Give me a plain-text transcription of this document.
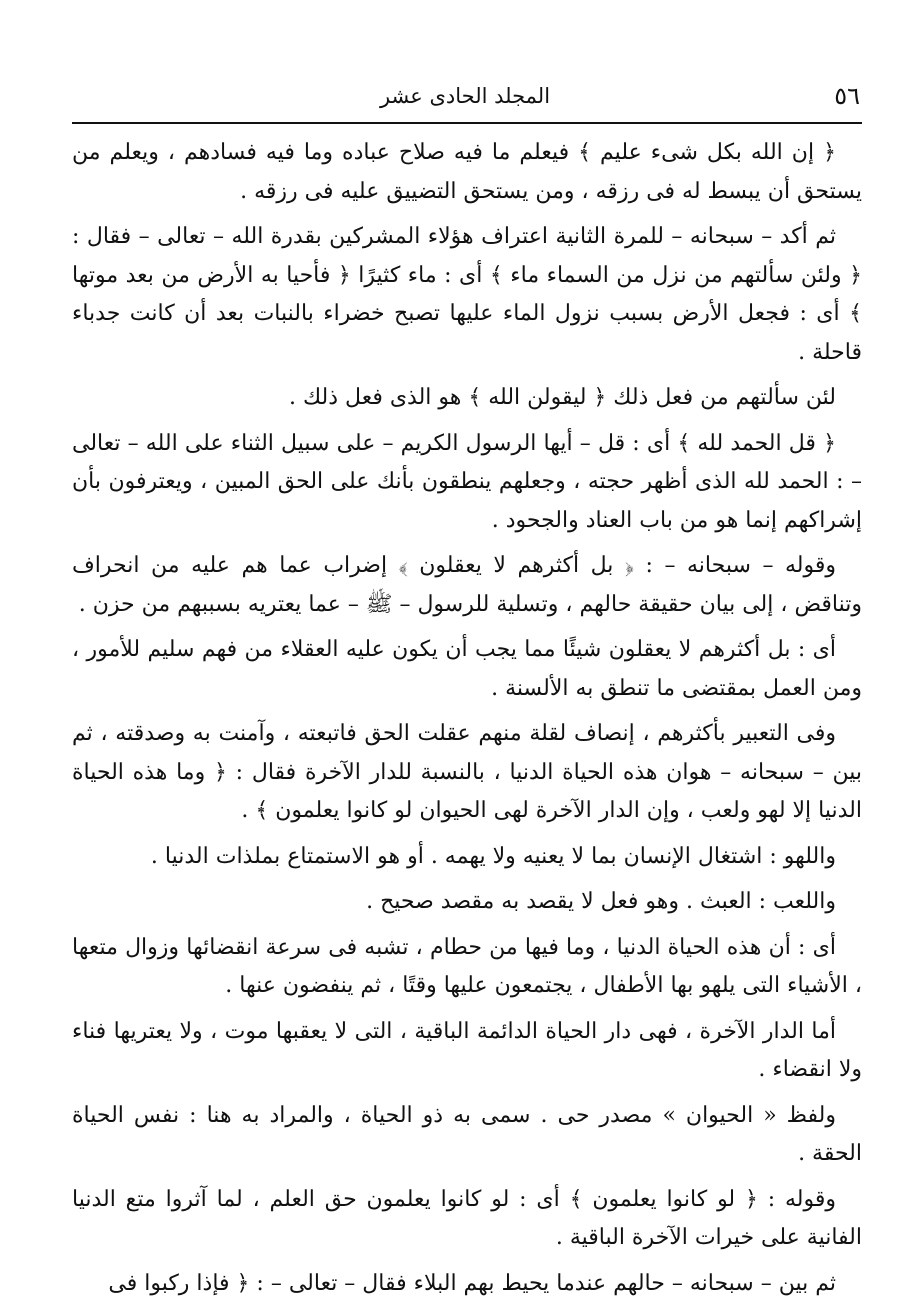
٥٦
المجلد الحادى عشر

﴿ إن الله بكل شىء عليم ﴾ فيعلم ما فيه صلاح عباده وما فيه فسادهم ، ويعلم من يستحق أن يبسط له فى رزقه ، ومن يستحق التضييق عليه فى رزقه .

ثم أكد – سبحانه – للمرة الثانية اعتراف هؤلاء المشركين بقدرة الله – تعالى – فقال : ﴿ ولئن سألتهم من نزل من السماء ماء ﴾ أى : ماء كثيرًا ﴿ فأحيا به الأرض من بعد موتها ﴾ أى : فجعل الأرض بسبب نزول الماء عليها تصبح خضراء بالنبات بعد أن كانت جدباء قاحلة .

لئن سألتهم من فعل ذلك ﴿ ليقولن الله ﴾ هو الذى فعل ذلك .

﴿ قل الحمد لله ﴾ أى : قل – أيها الرسول الكريم – على سبيل الثناء على الله – تعالى – : الحمد لله الذى أظهر حجته ، وجعلهم ينطقون بأنك على الحق المبين ، ويعترفون بأن إشراكهم إنما هو من باب العناد والجحود .

وقوله – سبحانه – : ﴿ بل أكثرهم لا يعقلون ﴾ إضراب عما هم عليه من انحراف وتناقض ، إلى بيان حقيقة حالهم ، وتسلية للرسول – ﷺ – عما يعتريه بسببهم من حزن .

أى : بل أكثرهم لا يعقلون شيئًا مما يجب أن يكون عليه العقلاء من فهم سليم للأمور ، ومن العمل بمقتضى ما تنطق به الألسنة .

وفى التعبير بأكثرهم ، إنصاف لقلة منهم عقلت الحق فاتبعته ، وآمنت به وصدقته ، ثم بين – سبحانه – هوان هذه الحياة الدنيا ، بالنسبة للدار الآخرة فقال : ﴿ وما هذه الحياة الدنيا إلا لهو ولعب ، وإن الدار الآخرة لهى الحيوان لو كانوا يعلمون ﴾ .

واللهو : اشتغال الإنسان بما لا يعنيه ولا يهمه . أو هو الاستمتاع بملذات الدنيا .

واللعب : العبث . وهو فعل لا يقصد به مقصد صحيح .

أى : أن هذه الحياة الدنيا ، وما فيها من حطام ، تشبه فى سرعة انقضائها وزوال متعها ، الأشياء التى يلهو بها الأطفال ، يجتمعون عليها وقتًا ، ثم ينفضون عنها .

أما الدار الآخرة ، فهى دار الحياة الدائمة الباقية ، التى لا يعقبها موت ، ولا يعتريها فناء ولا انقضاء .

ولفظ « الحيوان » مصدر حى . سمى به ذو الحياة ، والمراد به هنا : نفس الحياة الحقة .

وقوله : ﴿ لو كانوا يعلمون ﴾ أى : لو كانوا يعلمون حق العلم ، لما آثروا متع الدنيا الفانية على خيرات الآخرة الباقية .

ثم بين – سبحانه – حالهم عندما يحيط بهم البلاء فقال – تعالى – : ﴿ فإذا ركبوا فى
